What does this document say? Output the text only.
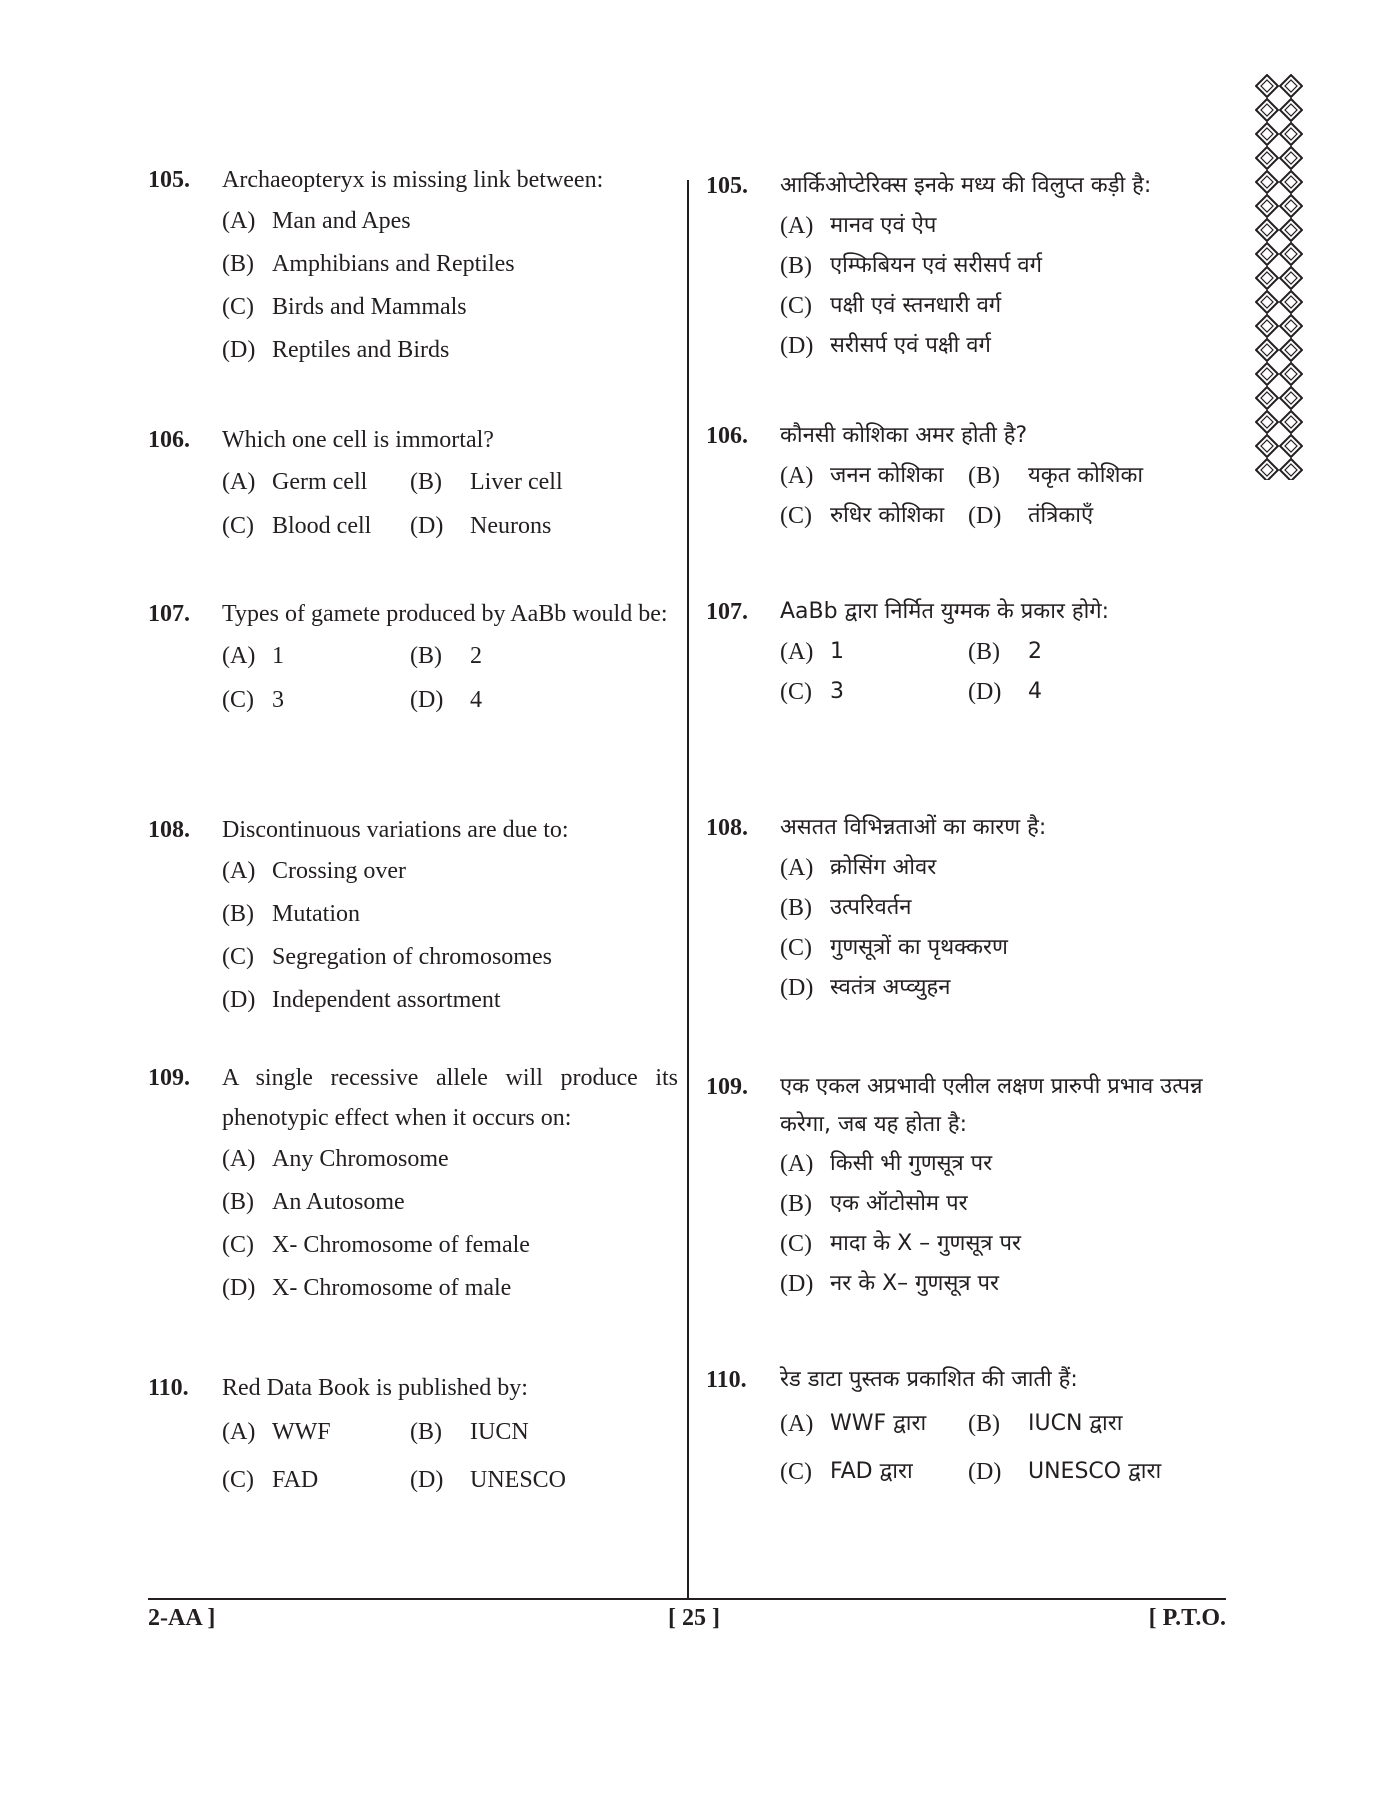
105.	Archaeopteryx is missing link between:
(A) Man and Apes
(B) Amphibians and Reptiles
(C) Birds and Mammals
(D) Reptiles and Birds
106.	Which one cell is immortal?
(A) Germ cell (B)	Liver cell
(C) Blood cell (D)	Neurons
107.	Types of gamete produced by AaBb would be:
(A) 1	(B)	2
(C) 3	(D)	4
108.	Discontinuous variations are due to:
(A) Crossing over
(B) Mutation
(C) Segregation of chromosomes
(D) Independent assortment
109.	A single recessive allele will produce its phenotypic effect when it occurs on:
(A) Any Chromosome
(B) An Autosome
(C) X- Chromosome of female
(D) X- Chromosome of male
110.	Red Data Book is published by:
(A) WWF	(B)	IUCN
(C) FAD	(D)	UNESCO
105.	आर्किओप्टेरिक्स इनके मध्य की विलुप्त कड़ी है:
(A) मानव एवं ऐप
(B) एम्फिबियन एवं सरीसर्प वर्ग
(C) पक्षी एवं स्तनधारी वर्ग
(D) सरीसर्प एवं पक्षी वर्ग
106.	कौनसी कोशिका अमर होती है?
(A) जनन कोशिका (B)	यकृत कोशिका
(C) रुधिर कोशिका (D)	तंत्रिकाएँ
107.	AaBb द्वारा निर्मित युग्मक के प्रकार होगे:
(A) 1	(B)	2
(C) 3	(D)	4
108.	असतत विभिन्नताओं का कारण है:
(A) क्रोसिंग ओवर
(B) उत्परिवर्तन
(C) गुणसूत्रों का पृथक्करण
(D) स्वतंत्र अप्व्युहन
109.	एक एकल अप्रभावी एलील लक्षण प्रारुपी प्रभाव उत्पन्न करेगा, जब यह होता है:
(A) किसी भी गुणसूत्र पर
(B) एक ऑटोसोम पर
(C) मादा के X – गुणसूत्र पर
(D) नर के X– गुणसूत्र पर
110.	रेड डाटा पुस्तक प्रकाशित की जाती हैं:
(A) WWF द्वारा (B)	IUCN द्वारा
(C) FAD द्वारा (D)	UNESCO द्वारा
[ 25 ]
2-AA ]	[ P.T.O.
